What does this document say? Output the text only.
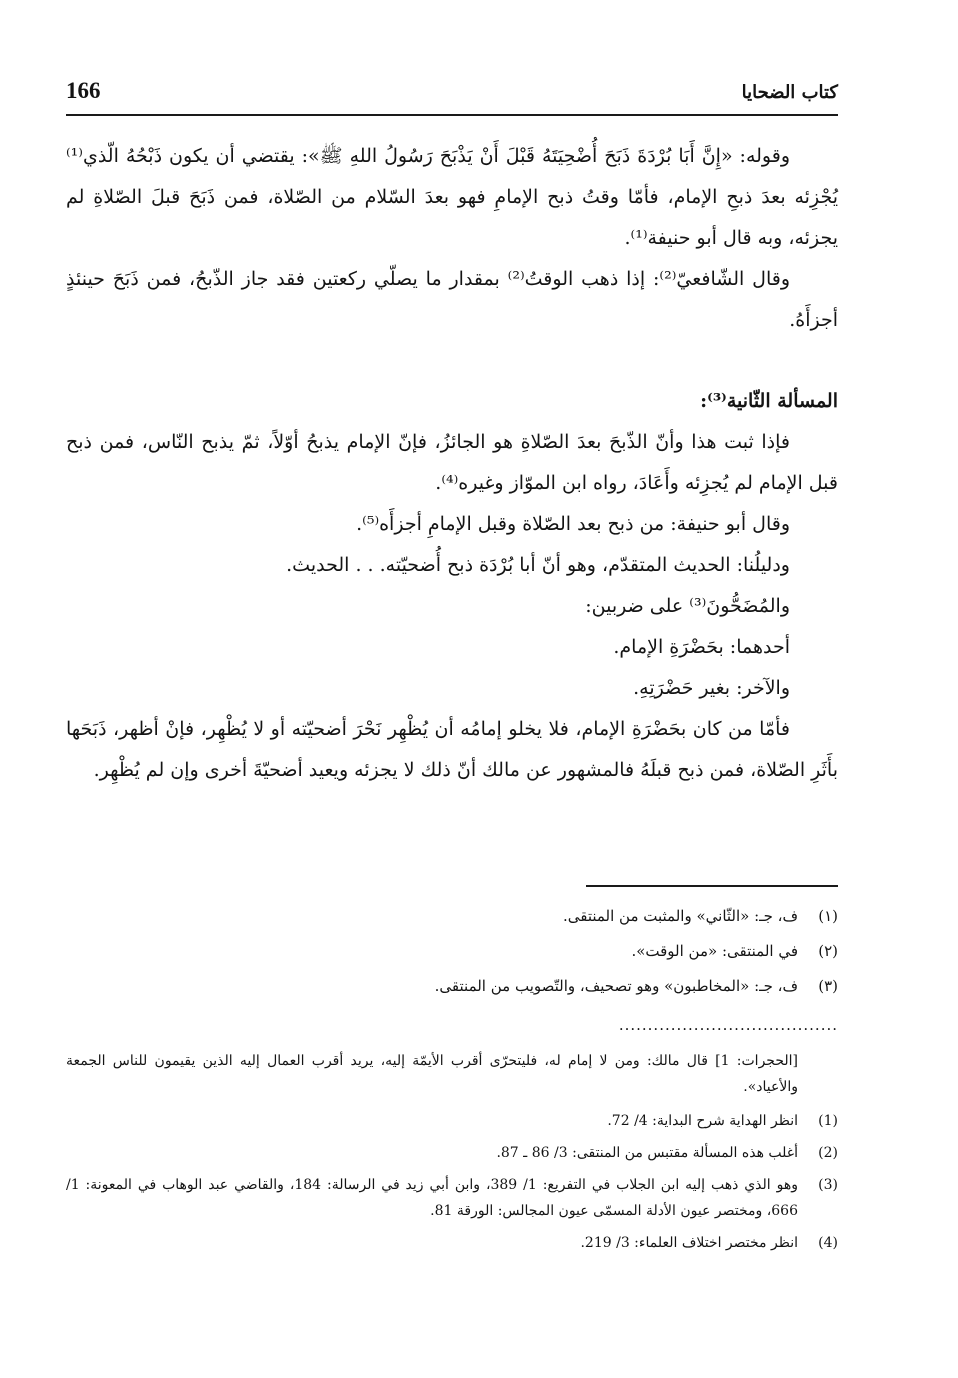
166	كتاب الضحايا

وقوله: «إِنَّ أَبَا بُرْدَةَ ذَبَحَ أُضْحِيَتَهُ قَبْلَ أَنْ يَذْبَحَ رَسُولُ اللهِ ﷺ»: يقتضي أن يكون ذَبْحُهُ الّذي⁽¹⁾ يُجْزِئه بعدَ ذبحِ الإمام، فأمّا وقتُ ذبح الإمامِ فهو بعدَ السّلام من الصّلاة، فمن ذَبَحَ قبلَ الصّلاةِ لم يجزئه، وبه قال أبو حنيفة⁽¹⁾.

وقال الشّافعيّ⁽²⁾: إذا ذهب الوقتُ⁽²⁾ بمقدار ما يصلّي ركعتين فقد جاز الذّبحُ، فمن ذَبَحَ حينئذٍ أجزأَهُ.

المسألة الثّانية⁽³⁾:

فإذا ثبت هذا وأنّ الذّبحَ بعدَ الصّلاةِ هو الجائزُ، فإنّ الإمام يذبحُ أوّلاً، ثمّ يذبح النّاس، فمن ذبح قبل الإمام لم يُجزِئه وأَعَادَ، رواه ابن الموّاز وغيره⁽⁴⁾.

وقال أبو حنيفة: من ذبح بعد الصّلاة وقبل الإمامِ أجزأَه⁽⁵⁾.

ودليلُنا: الحديث المتقدّم، وهو أنّ أبا بُرْدَة ذبح أُضحيّته. . . الحديث.

والمُضَحُّونَ⁽³⁾ على ضربين:

أحدهما: بحَضْرَةِ الإمام.

والآخر: بغير حَضْرَتِهِ.

فأمّا من كان بحَضْرَةِ الإمام، فلا يخلو إمامُه أن يُظْهِر نَحْرَ أضحيّته أو لا يُظْهِر، فإنْ أظهر، ذَبَحَها بأَثَرِ الصّلاة، فمن ذبح قبلَهُ فالمشهور عن مالك أنّ ذلك لا يجزئه ويعيد أضحيّةَ أخرى وإن لم يُظْهِر.

(١)
ف، جـ: «الثّاني» والمثبت من المنتقى.
(٢)
في المنتقى: «من الوقت».
(٣)
ف، جـ: «المخاطبون» وهو تصحيف، والتّصويب من المنتقى.
......................................
[الحجرات: 1] قال مالك: ومن لا إمام له، فليتحرّى أقرب الأيمّة إليه، يريد أقرب العمال إليه الذين يقيمون للناس الجمعة والأعياد».
(1)
انظر الهداية شرح البداية: 4/ 72.
(2)
أغلب هذه المسألة مقتبس من المنتقى: 3/ 86 ـ 87.
(3)
وهو الذي ذهب إليه ابن الجلاب في التفريع: 1/ 389، وابن أبي زيد في الرسالة: 184، والقاضي عبد الوهاب في المعونة: 1/ 666، ومختصر عيون الأدلة المسمّى عيون المجالس: الورقة 81.
(4)
انظر مختصر اختلاف العلماء: 3/ 219.
